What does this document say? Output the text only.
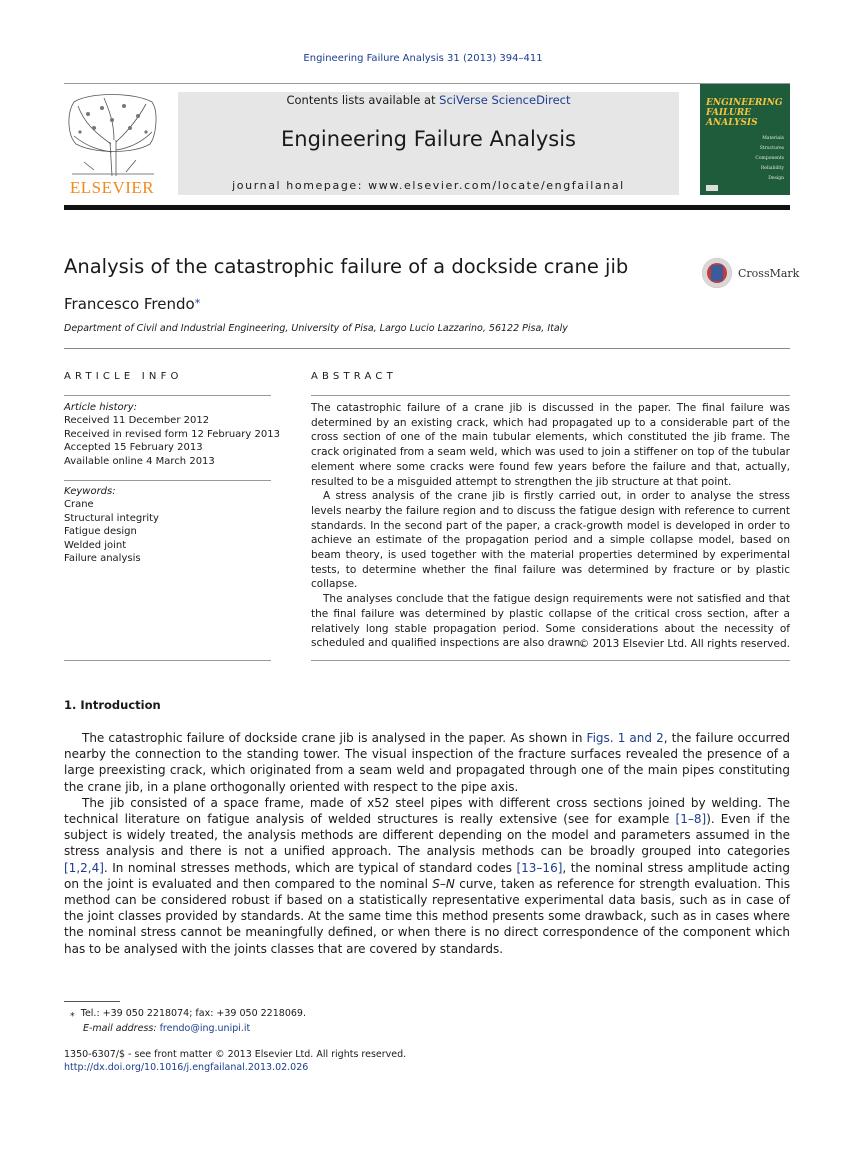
Engineering Failure Analysis 31 (2013) 394–411
ELSEVIER
Contents lists available at SciVerse ScienceDirect
Engineering Failure Analysis
journal homepage: www.elsevier.com/locate/engfailanal
ENGINEERING FAILURE ANALYSIS
Materials
Structures
Components
Reliability
Design
Analysis of the catastrophic failure of a dockside crane jib	CrossMark
Francesco Frendo⁎
Department of Civil and Industrial Engineering, University of Pisa, Largo Lucio Lazzarino, 56122 Pisa, Italy
ARTICLE INFO	ABSTRACT
Article history:
Received 11 December 2012
Received in revised form 12 February 2013
Accepted 15 February 2013
Available online 4 March 2013
Keywords:
Crane
Structural integrity
Fatigue design
Welded joint
Failure analysis

The catastrophic failure of a crane jib is discussed in the paper. The final failure was determined by an existing crack, which had propagated up to a considerable part of the cross section of one of the main tubular elements, which constituted the jib frame. The crack originated from a seam weld, which was used to join a stiffener on top of the tubular element where some cracks were found few years before the failure and that, actually, resulted to be a misguided attempt to strengthen the jib structure at that point.

A stress analysis of the crane jib is firstly carried out, in order to analyse the stress levels nearby the failure region and to discuss the fatigue design with reference to current standards. In the second part of the paper, a crack-growth model is developed in order to achieve an estimate of the propagation period and a simple collapse model, based on beam theory, is used together with the material properties determined by experimental tests, to determine whether the final failure was determined by fracture or by plastic collapse.

The analyses conclude that the fatigue design requirements were not satisfied and that the final failure was determined by plastic collapse of the critical cross section, after a relatively long stable propagation period. Some considerations about the necessity of scheduled and qualified inspections are also drawn.

© 2013 Elsevier Ltd. All rights reserved.
1. Introduction

The catastrophic failure of dockside crane jib is analysed in the paper. As shown in Figs. 1 and 2, the failure occurred nearby the connection to the standing tower. The visual inspection of the fracture surfaces revealed the presence of a large preexisting crack, which originated from a seam weld and propagated through one of the main pipes constituting the crane jib, in a plane orthogonally oriented with respect to the pipe axis.

The jib consisted of a space frame, made of x52 steel pipes with different cross sections joined by welding. The technical literature on fatigue analysis of welded structures is really extensive (see for example [1–8]). Even if the subject is widely treated, the analysis methods are different depending on the model and parameters assumed in the stress analysis and there is not a unified approach. The analysis methods can be broadly grouped into categories [1,2,4]. In nominal stresses methods, which are typical of standard codes [13–16], the nominal stress amplitude acting on the joint is evaluated and then compared to the nominal S–N curve, taken as reference for strength evaluation. This method can be considered robust if based on a statistically representative experimental data basis, such as in case of the joint classes provided by standards. At the same time this method presents some drawback, such as in cases where the nominal stress cannot be meaningfully defined, or when there is no direct correspondence of the component which has to be analysed with the joints classes that are covered by standards.

⁎ Tel.: +39 050 2218074; fax: +39 050 2218069.
E-mail address: frendo@ing.unipi.it
1350-6307/$ - see front matter © 2013 Elsevier Ltd. All rights reserved.
http://dx.doi.org/10.1016/j.engfailanal.2013.02.026
